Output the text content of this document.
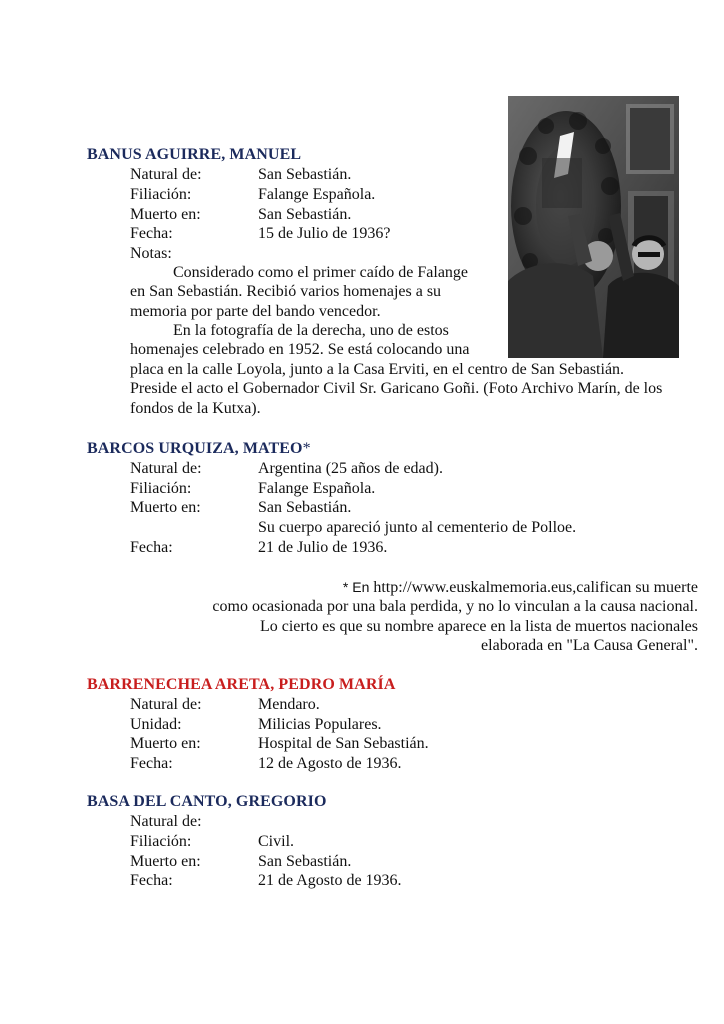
BANUS AGUIRRE, MANUEL
Natural de:	San Sebastián.
Filiación:	Falange Española.
Muerto en:	San Sebastián.
Fecha:	15 de Julio de 1936?
Notas:
Considerado como el primer caído de Falange
en San Sebastián. Recibió varios homenajes a su
memoria por parte del bando vencedor.
En la fotografía de la derecha, uno de estos
homenajes celebrado en 1952. Se está colocando una
placa en la calle Loyola, junto a la Casa Erviti, en el centro de San Sebastián.
Preside el acto el Gobernador Civil Sr. Garicano Goñi. (Foto Archivo Marín, de los
fondos de la Kutxa).
BARCOS URQUIZA, MATEO*
Natural de:	Argentina (25 años de edad).
Filiación:	Falange Española.
Muerto en:	San Sebastián.
Su cuerpo apareció junto al cementerio de Polloe.
Fecha:	21 de Julio de 1936.
* En http://www.euskalmemoria.eus,califican su muerte
como ocasionada por una bala perdida, y no lo vinculan a la causa nacional.
Lo cierto es que su nombre aparece en la lista de muertos nacionales
elaborada en "La Causa General".
BARRENECHEA ARETA, PEDRO MARÍA
Natural de:	Mendaro.
Unidad:	Milicias Populares.
Muerto en:	Hospital de San Sebastián.
Fecha:	12 de Agosto de 1936.
BASA DEL CANTO, GREGORIO
Natural de:
Filiación:	Civil.
Muerto en:	San Sebastián.
Fecha:	21 de Agosto de 1936.
